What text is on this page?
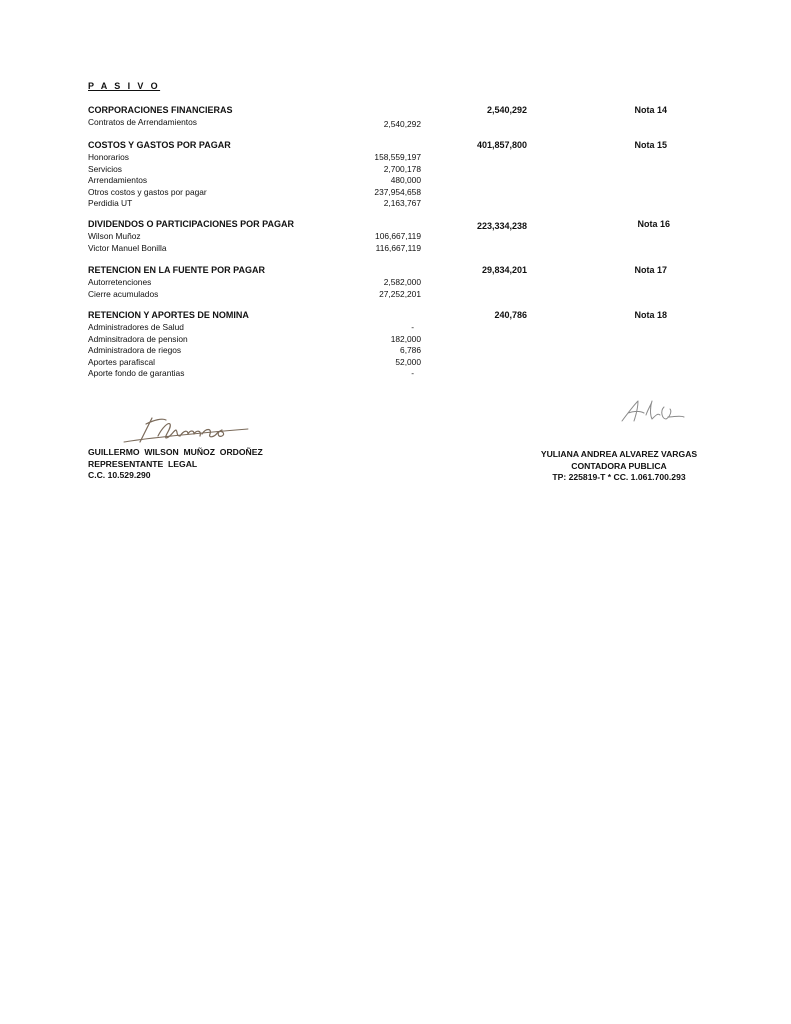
P A S I V O
CORPORACIONES FINANCIERAS	2,540,292	Nota 14
Contratos de Arrendamientos	2,540,292
COSTOS Y GASTOS POR PAGAR	401,857,800	Nota 15
Honorarios	158,559,197
Servicios	2,700,178
Arrendamientos	480,000
Otros costos y gastos por pagar	237,954,658
Perdidia UT	2,163,767
DIVIDENDOS O PARTICIPACIONES POR PAGAR	223,334,238	Nota 16
Wilson Muñoz	106,667,119
Victor Manuel Bonilla	116,667,119
RETENCION EN LA FUENTE POR PAGAR	29,834,201	Nota 17
Autorretenciones	2,582,000
Cierre acumulados	27,252,201
RETENCION Y APORTES DE NOMINA	240,786	Nota 18
Administradores de Salud	-
Adminsitradora de pension	182,000
Administradora de riegos	6,786
Aportes parafiscal	52,000
Aporte fondo de garantias	-
GUILLERMO  WILSON  MUÑOZ  ORDOÑEZ
REPRESENTANTE  LEGAL
C.C. 10.529.290
YULIANA ANDREA ALVAREZ VARGAS
CONTADORA PUBLICA
TP: 225819-T * CC. 1.061.700.293
